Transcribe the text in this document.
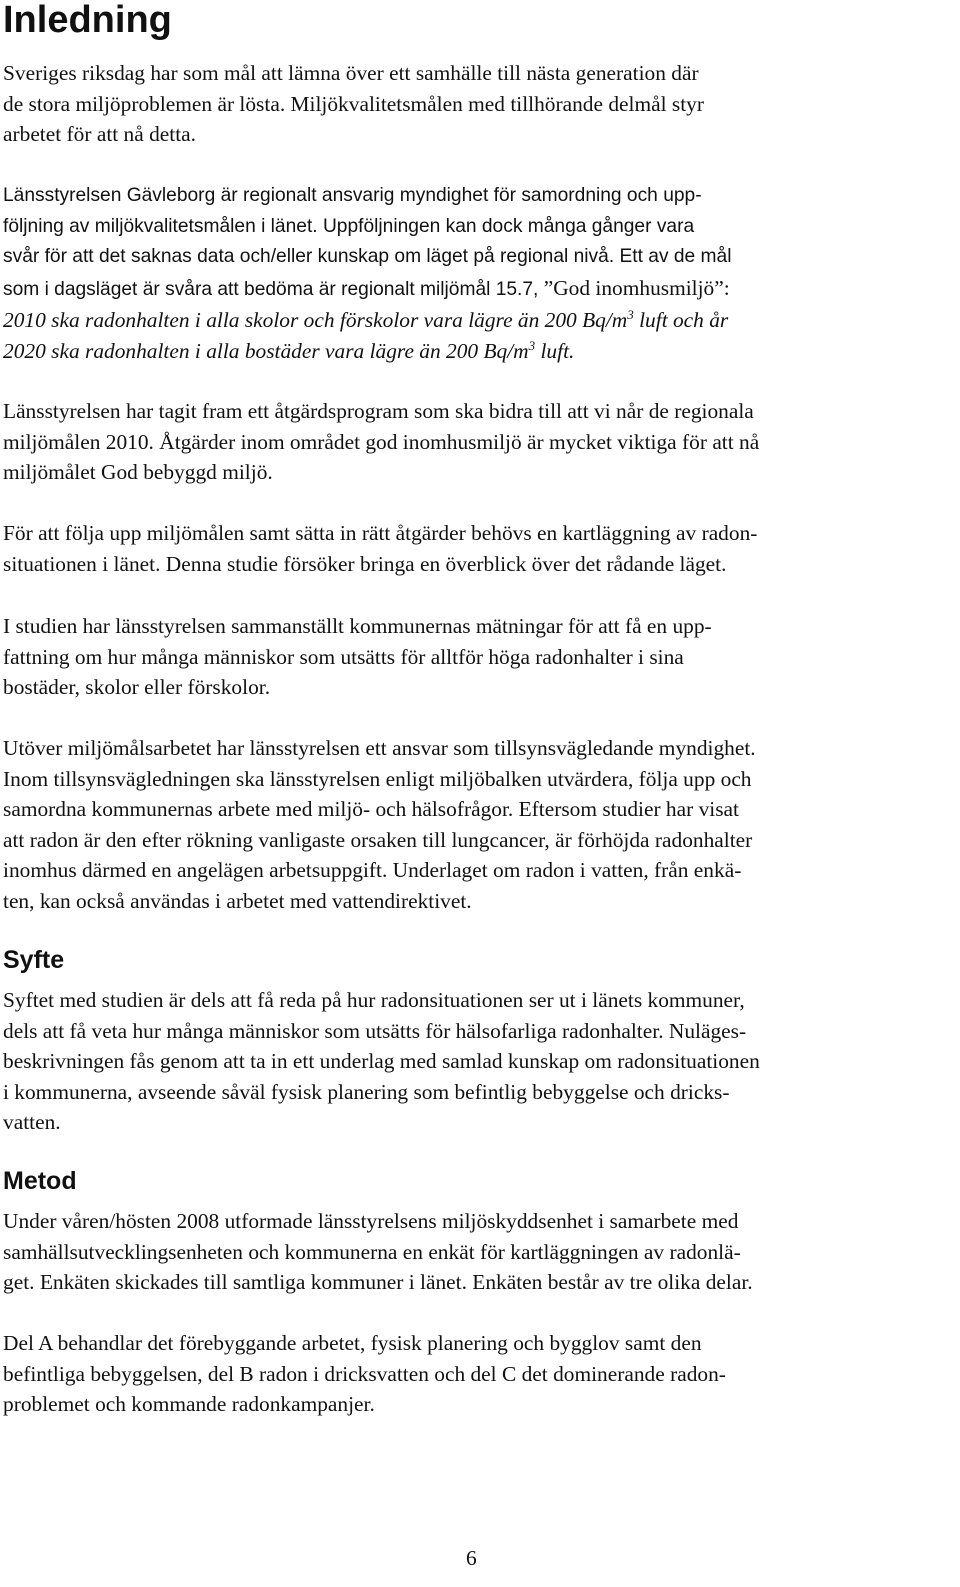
Inledning

Sveriges riksdag har som mål att lämna över ett samhälle till nästa generation där
de stora miljöproblemen är lösta. Miljökvalitetsmålen med tillhörande delmål styr
arbetet för att nå detta.

Länsstyrelsen Gävleborg är regionalt ansvarig myndighet för samordning och upp-
följning av miljökvalitetsmålen i länet. Uppföljningen kan dock många gånger vara
svår för att det saknas data och/eller kunskap om läget på regional nivå. Ett av de mål
som i dagsläget är svåra att bedöma är regionalt miljömål 15.7, ”God inomhusmiljö”:
2010 ska radonhalten i alla skolor och förskolor vara lägre än 200 $Bq/m^3$ luft och år
2020 ska radonhalten i alla bostäder vara lägre än 200 $Bq/m^3$ luft.

Länsstyrelsen har tagit fram ett åtgärdsprogram som ska bidra till att vi når de regionala
miljömålen 2010. Åtgärder inom området god inomhusmiljö är mycket viktiga för att nå
miljömålet God bebyggd miljö.

För att följa upp miljömålen samt sätta in rätt åtgärder behövs en kartläggning av radon-
situationen i länet. Denna studie försöker bringa en överblick över det rådande läget.

I studien har länsstyrelsen sammanställt kommunernas mätningar för att få en upp-
fattning om hur många människor som utsätts för alltför höga radonhalter i sina
bostäder, skolor eller förskolor.

Utöver miljömålsarbetet har länsstyrelsen ett ansvar som tillsynsvägledande myndighet.
Inom tillsynsvägledningen ska länsstyrelsen enligt miljöbalken utvärdera, följa upp och
samordna kommunernas arbete med miljö- och hälsofrågor. Eftersom studier har visat
att radon är den efter rökning vanligaste orsaken till lungcancer, är förhöjda radonhalter
inomhus därmed en angelägen arbetsuppgift. Underlaget om radon i vatten, från enkä-
ten, kan också användas i arbetet med vattendirektivet.

Syfte

Syftet med studien är dels att få reda på hur radonsituationen ser ut i länets kommuner,
dels att få veta hur många människor som utsätts för hälsofarliga radonhalter. Nuläges-
beskrivningen fås genom att ta in ett underlag med samlad kunskap om radonsituationen
i kommunerna, avseende såväl fysisk planering som befintlig bebyggelse och dricks-
vatten.

Metod

Under våren/hösten 2008 utformade länsstyrelsens miljöskyddsenhet i samarbete med
samhällsutvecklingsenheten och kommunerna en enkät för kartläggningen av radonlä-
get. Enkäten skickades till samtliga kommuner i länet. Enkäten består av tre olika delar.

Del A behandlar det förebyggande arbetet, fysisk planering och bygglov samt den
befintliga bebyggelsen, del B radon i dricksvatten och del C det dominerande radon-
problemet och kommande radonkampanjer.

6
